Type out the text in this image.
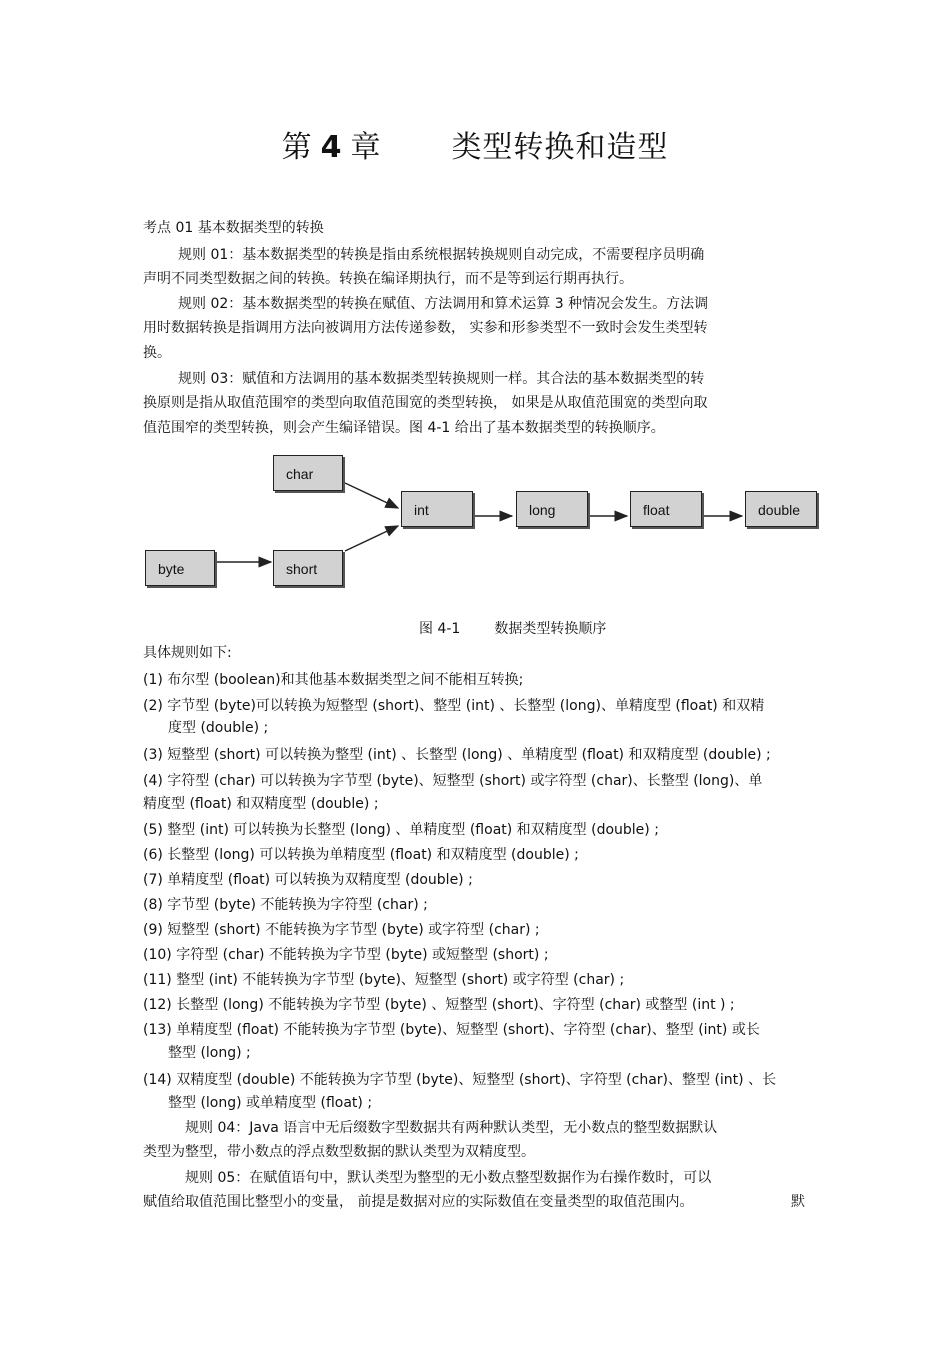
第 4 章 类型转换和造型
考点 01 基本数据类型的转换
规则 01：基本数据类型的转换是指由系统根据转换规则自动完成，不需要程序员明确
声明不同类型数据之间的转换。转换在编译期执行，而不是等到运行期再执行。
规则 02：基本数据类型的转换在赋值、方法调用和算术运算 3 种情况会发生。方法调
用时数据转换是指调用方法向被调用方法传递参数， 实参和形参类型不一致时会发生类型转
换。
规则 03：赋值和方法调用的基本数据类型转换规则一样。其合法的基本数据类型的转
换原则是指从取值范围窄的类型向取值范围宽的类型转换， 如果是从取值范围宽的类型向取
值范围窄的类型转换，则会产生编译错误。图 4-1 给出了基本数据类型的转换顺序。
char
byte	short
int	long	float	double
图 4-1 数据类型转换顺序
具体规则如下:
(1) 布尔型 (boolean)和其他基本数据类型之间不能相互转换;
(2) 字节型 (byte)可以转换为短整型 (short)、整型 (int) 、长整型 (long)、单精度型 (float) 和双精
度型 (double) ;
(3) 短整型 (short) 可以转换为整型 (int) 、长整型 (long) 、单精度型 (float) 和双精度型 (double) ;
(4) 字符型 (char) 可以转换为字节型 (byte)、短整型 (short) 或字符型 (char)、长整型 (long)、单
精度型 (float) 和双精度型 (double) ;
(5) 整型 (int) 可以转换为长整型 (long) 、单精度型 (float) 和双精度型 (double) ;
(6) 长整型 (long) 可以转换为单精度型 (float) 和双精度型 (double) ;
(7) 单精度型 (float) 可以转换为双精度型 (double) ;
(8) 字节型 (byte) 不能转换为字符型 (char) ;
(9) 短整型 (short) 不能转换为字节型 (byte) 或字符型 (char) ;
(10) 字符型 (char) 不能转换为字节型 (byte) 或短整型 (short) ;
(11) 整型 (int) 不能转换为字节型 (byte)、短整型 (short) 或字符型 (char) ;
(12) 长整型 (long) 不能转换为字节型 (byte) 、短整型 (short)、字符型 (char) 或整型 (int ) ;
(13) 单精度型 (float) 不能转换为字节型 (byte)、短整型 (short)、字符型 (char)、整型 (int) 或长
整型 (long) ;
(14) 双精度型 (double) 不能转换为字节型 (byte)、短整型 (short)、字符型 (char)、整型 (int) 、长
整型 (long) 或单精度型 (float) ;
规则 04：Java 语言中无后缀数字型数据共有两种默认类型，无小数点的整型数据默认
类型为整型，带小数点的浮点数型数据的默认类型为双精度型。
规则 05：在赋值语句中，默认类型为整型的无小数点整型数据作为右操作数时，可以
赋值给取值范围比整型小的变量， 前提是数据对应的实际数值在变量类型的取值范围内。	默
